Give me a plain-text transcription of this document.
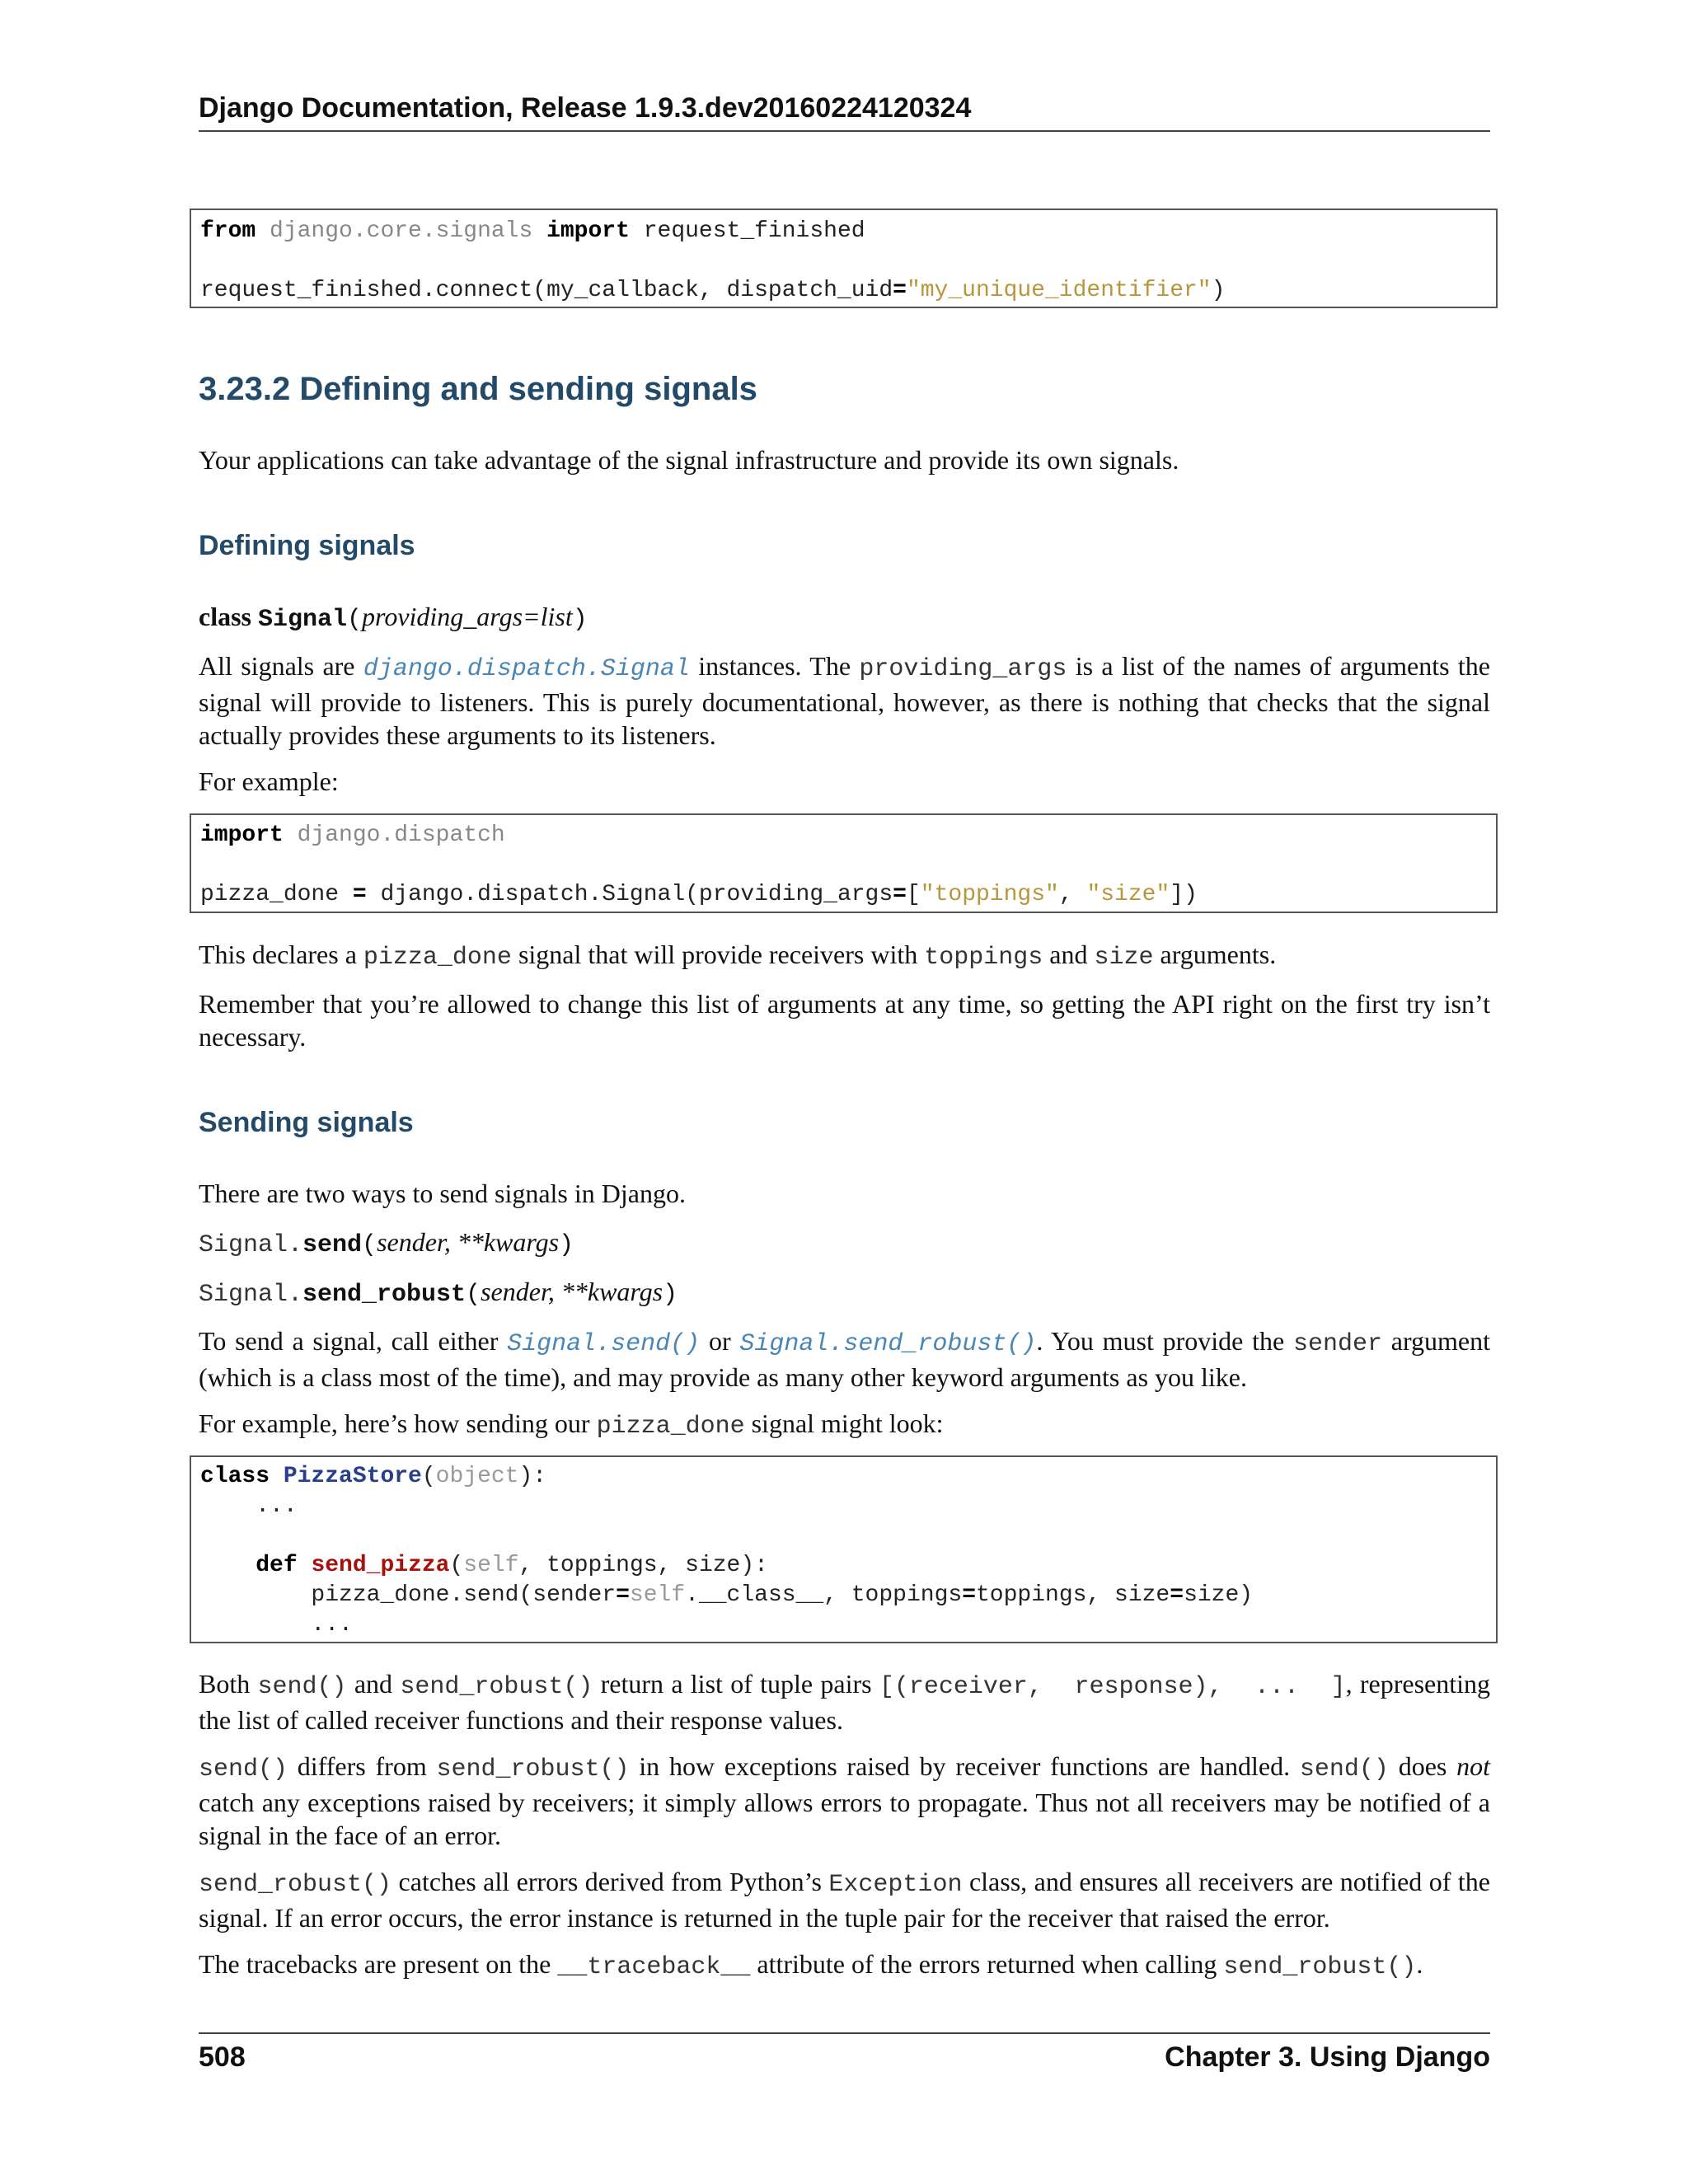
Django Documentation, Release 1.9.3.dev20160224120324
from django.core.signals import request_finished
request_finished.connect(my_callback, dispatch_uid="my_unique_identifier")
3.23.2 Defining and sending signals
Your applications can take advantage of the signal infrastructure and provide its own signals.
Defining signals
class Signal(providing_args=list)
All signals are django.dispatch.Signal instances. The providing_args is a list of the names of arguments the signal will provide to listeners. This is purely documentational, however, as there is nothing that checks that the signal actually provides these arguments to its listeners.
For example:
import django.dispatch
pizza_done = django.dispatch.Signal(providing_args=["toppings", "size"])
This declares a pizza_done signal that will provide receivers with toppings and size arguments.
Remember that you’re allowed to change this list of arguments at any time, so getting the API right on the first try isn’t necessary.
Sending signals
There are two ways to send signals in Django.
Signal.send(sender, **kwargs)
Signal.send_robust(sender, **kwargs)
To send a signal, call either Signal.send() or Signal.send_robust(). You must provide the sender argument (which is a class most of the time), and may provide as many other keyword arguments as you like.
For example, here’s how sending our pizza_done signal might look:
class PizzaStore(object):
...
def send_pizza(self, toppings, size):
pizza_done.send(sender=self.__class__, toppings=toppings, size=size)
...
Both send() and send_robust() return a list of tuple pairs [(receiver,  response),  ...  ], representing the list of called receiver functions and their response values.
send() differs from send_robust() in how exceptions raised by receiver functions are handled. send() does not catch any exceptions raised by receivers; it simply allows errors to propagate. Thus not all receivers may be notified of a signal in the face of an error.
send_robust() catches all errors derived from Python’s Exception class, and ensures all receivers are notified of the signal. If an error occurs, the error instance is returned in the tuple pair for the receiver that raised the error.
The tracebacks are present on the __traceback__ attribute of the errors returned when calling send_robust().
508	Chapter 3. Using Django
